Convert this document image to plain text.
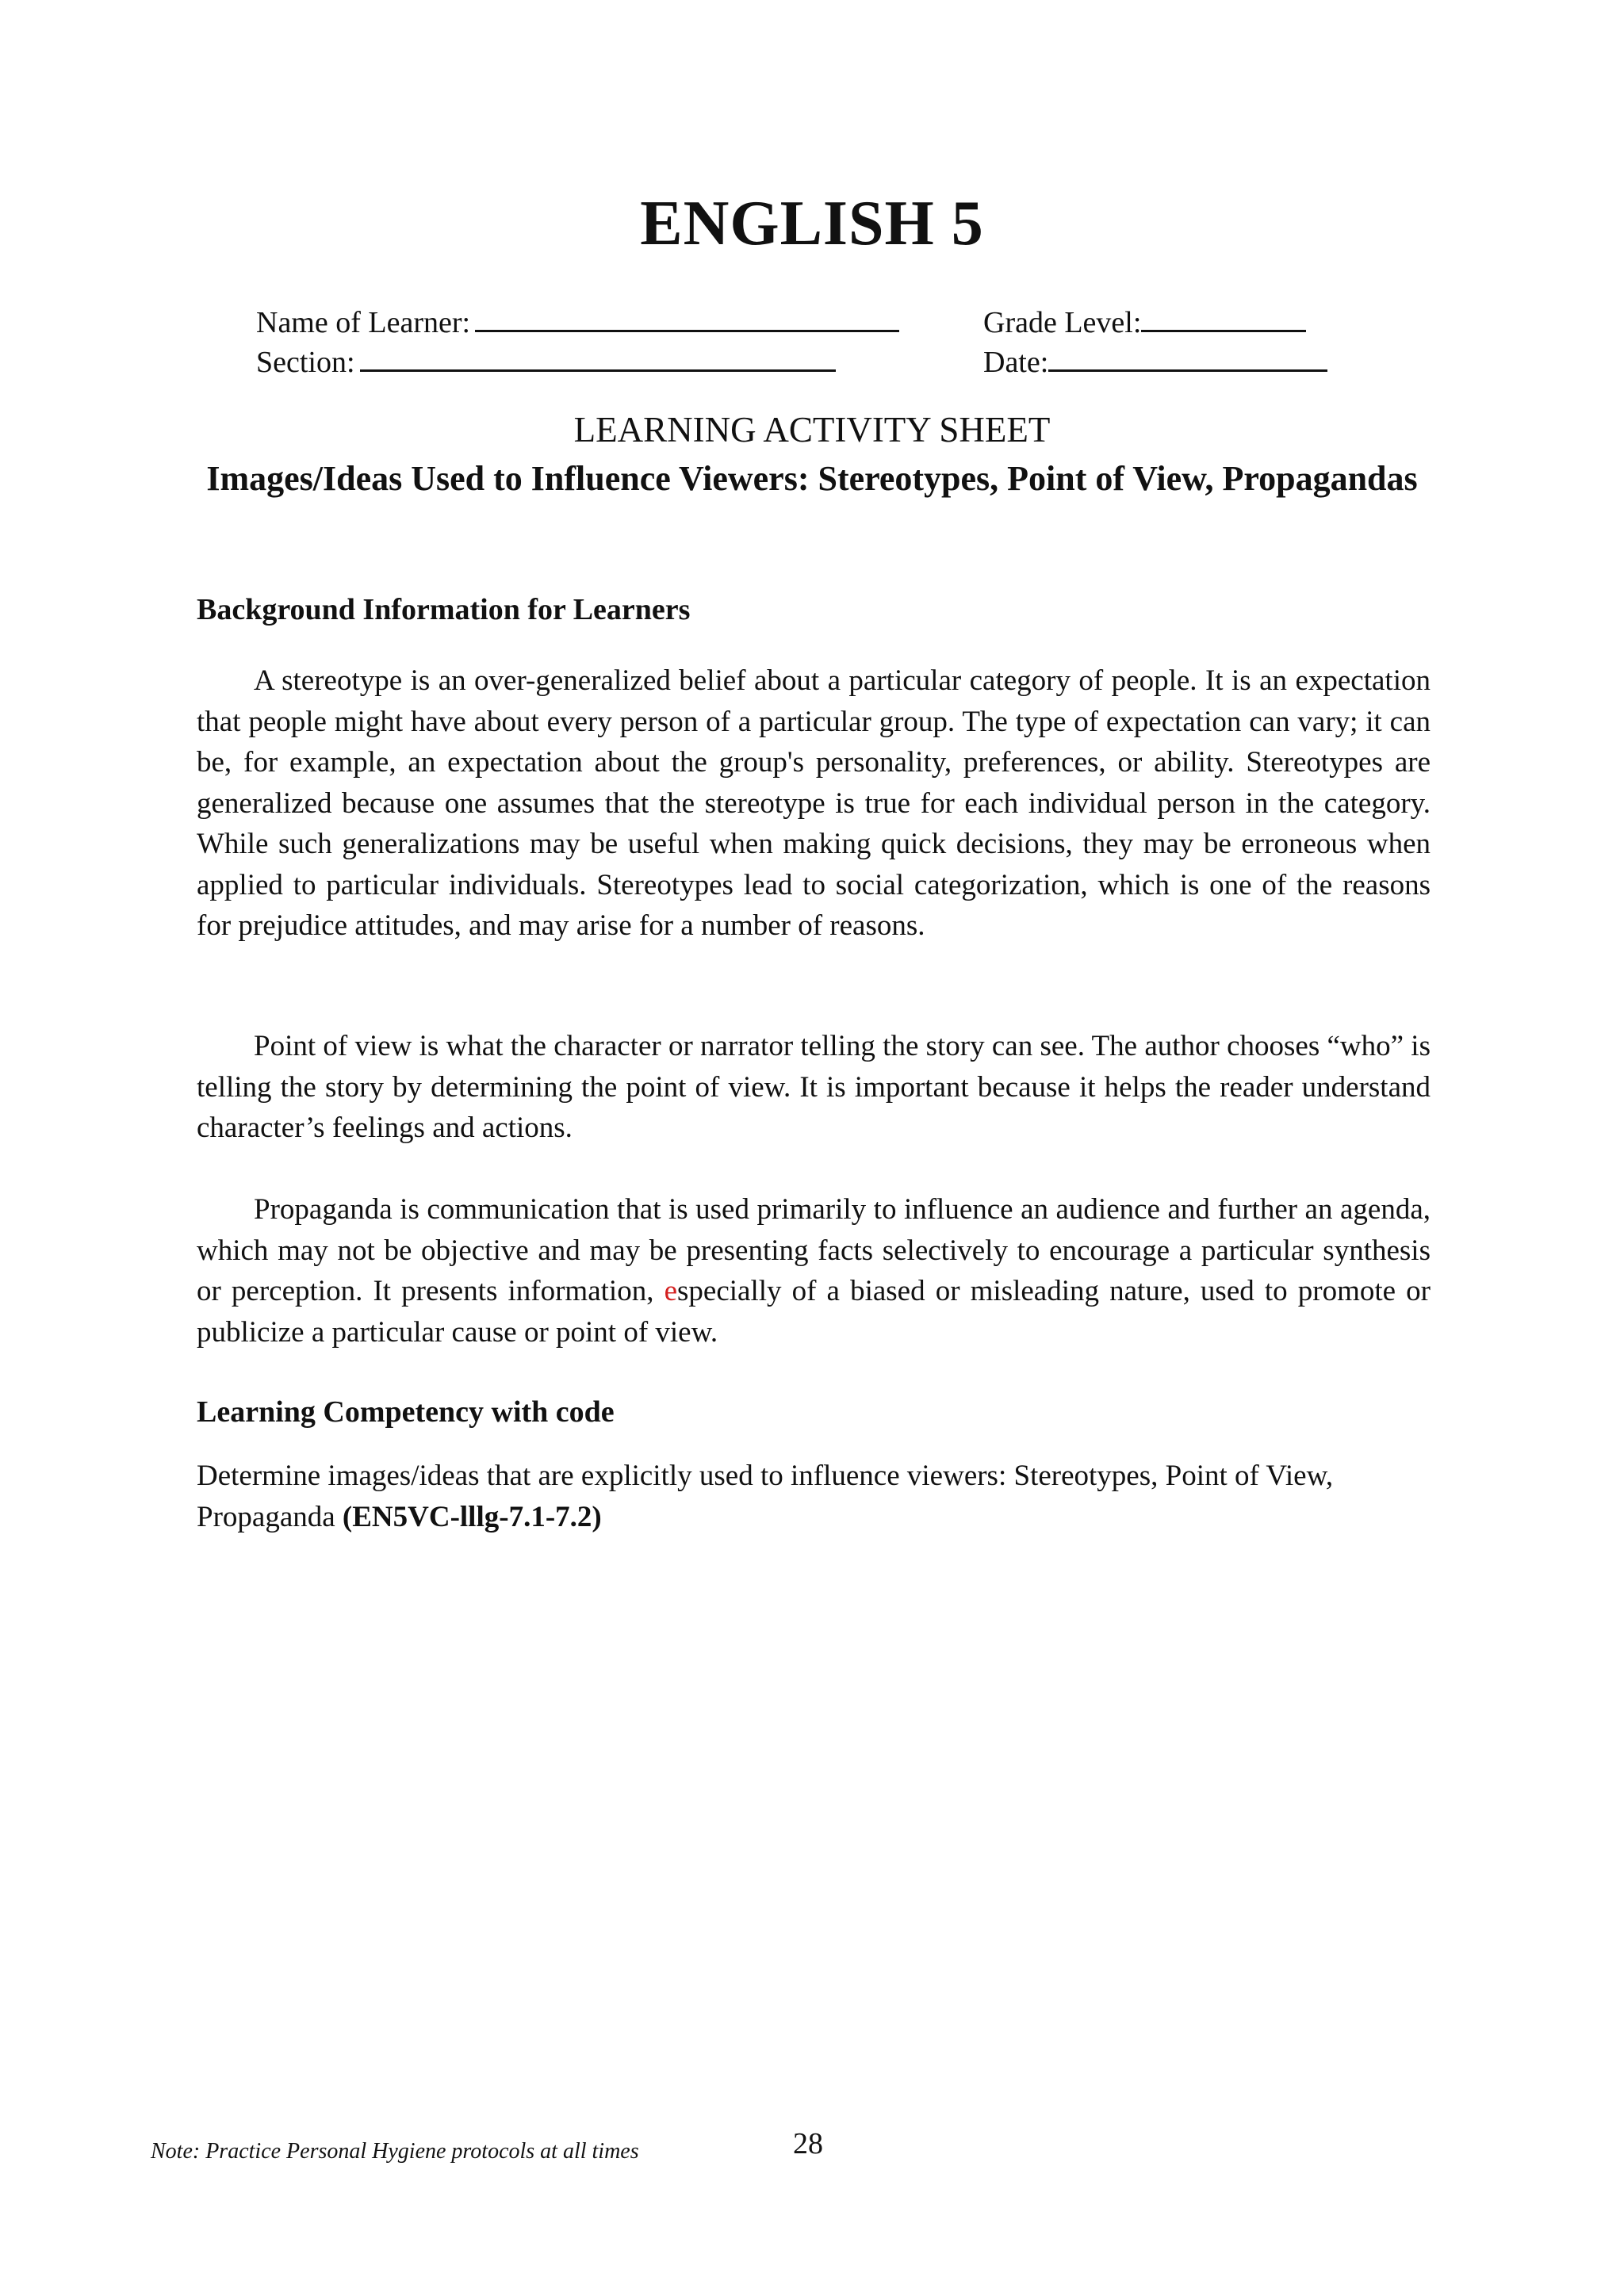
ENGLISH 5
Name of Learner:	Grade Level:
Section:	Date:
LEARNING ACTIVITY SHEET
Images/Ideas Used to Influence Viewers: Stereotypes, Point of View, Propagandas
Background Information for Learners

A stereotype is an over-generalized belief about a particular category of people. It is an expectation that people might have about every person of a particular group. The type of expectation can vary; it can be, for example, an expectation about the group's personality, preferences, or ability. Stereotypes are generalized because one assumes that the stereotype is true for each individual person in the category. While such generalizations may be useful when making quick decisions, they may be erroneous when applied to particular individuals. Stereotypes lead to social categorization, which is one of the reasons for prejudice attitudes, and may arise for a number of reasons.

Point of view is what the character or narrator telling the story can see. The author chooses “who” is telling the story by determining the point of view. It is important because it helps the reader understand character’s feelings and actions.

Propaganda is communication that is used primarily to influence an audience and further an agenda, which may not be objective and may be presenting facts selectively to encourage a particular synthesis or perception. It presents information, especially of a biased or misleading nature, used to promote or publicize a particular cause or point of view.

Learning Competency with code

Determine images/ideas that are explicitly used to influence viewers: Stereotypes, Point of View, Propaganda (EN5VC-lllg-7.1-7.2)

Note: Practice Personal Hygiene protocols at all times	28
